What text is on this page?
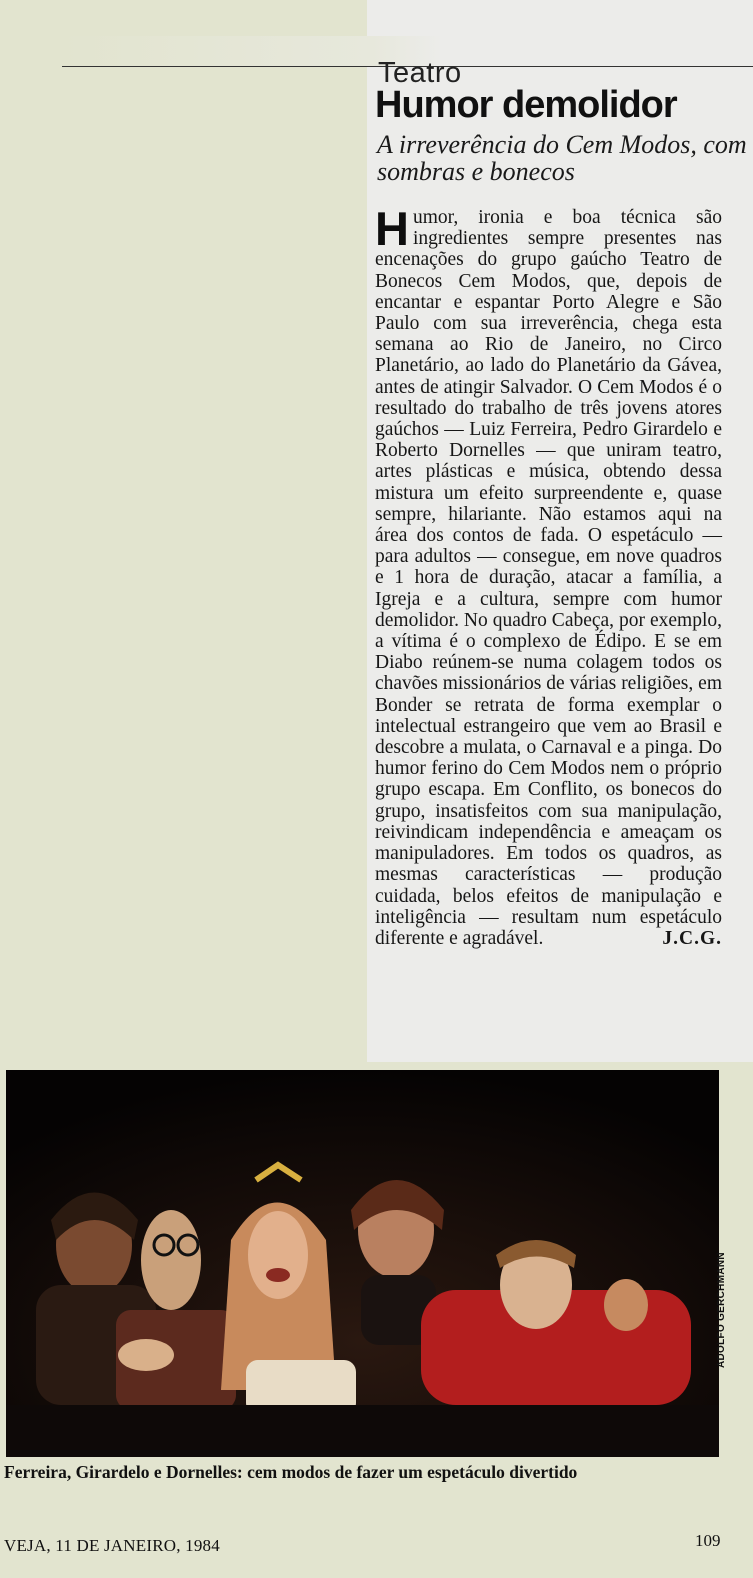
Teatro

Humor demolidor

A irreverência do Cem Modos, com sombras e bonecos

Humor, ironia e boa técnica são ingredientes sempre presentes nas encenações do grupo gaúcho Teatro de Bonecos Cem Modos, que, depois de encantar e espantar Porto Alegre e São Paulo com sua irreverência, chega esta semana ao Rio de Janeiro, no Circo Planetário, ao lado do Planetário da Gávea, antes de atingir Salvador. O Cem Modos é o resultado do trabalho de três jovens atores gaúchos — Luiz Ferreira, Pedro Girardelo e Roberto Dornelles — que uniram teatro, artes plásticas e música, obtendo dessa mistura um efeito surpreendente e, quase sempre, hilariante. Não estamos aqui na área dos contos de fada. O espetáculo — para adultos — consegue, em nove quadros e 1 hora de duração, atacar a família, a Igreja e a cultura, sempre com humor demolidor. No quadro Cabeça, por exemplo, a vítima é o complexo de Édipo. E se em Diabo reúnem-se numa colagem todos os chavões missionários de várias religiões, em Bonder se retrata de forma exemplar o intelectual estrangeiro que vem ao Brasil e descobre a mulata, o Carnaval e a pinga. Do humor ferino do Cem Modos nem o próprio grupo escapa. Em Conflito, os bonecos do grupo, insatisfeitos com sua manipulação, reivindicam independência e ameaçam os manipuladores. Em todos os quadros, as mesmas características — produção cuidada, belos efeitos de manipulação e inteligência — resultam num espetáculo diferente e agradável.	J.C.G.

ADOLFO GERCHMANN

Ferreira, Girardelo e Dornelles: cem modos de fazer um espetáculo divertido

VEJA, 11 DE JANEIRO, 1984	109
